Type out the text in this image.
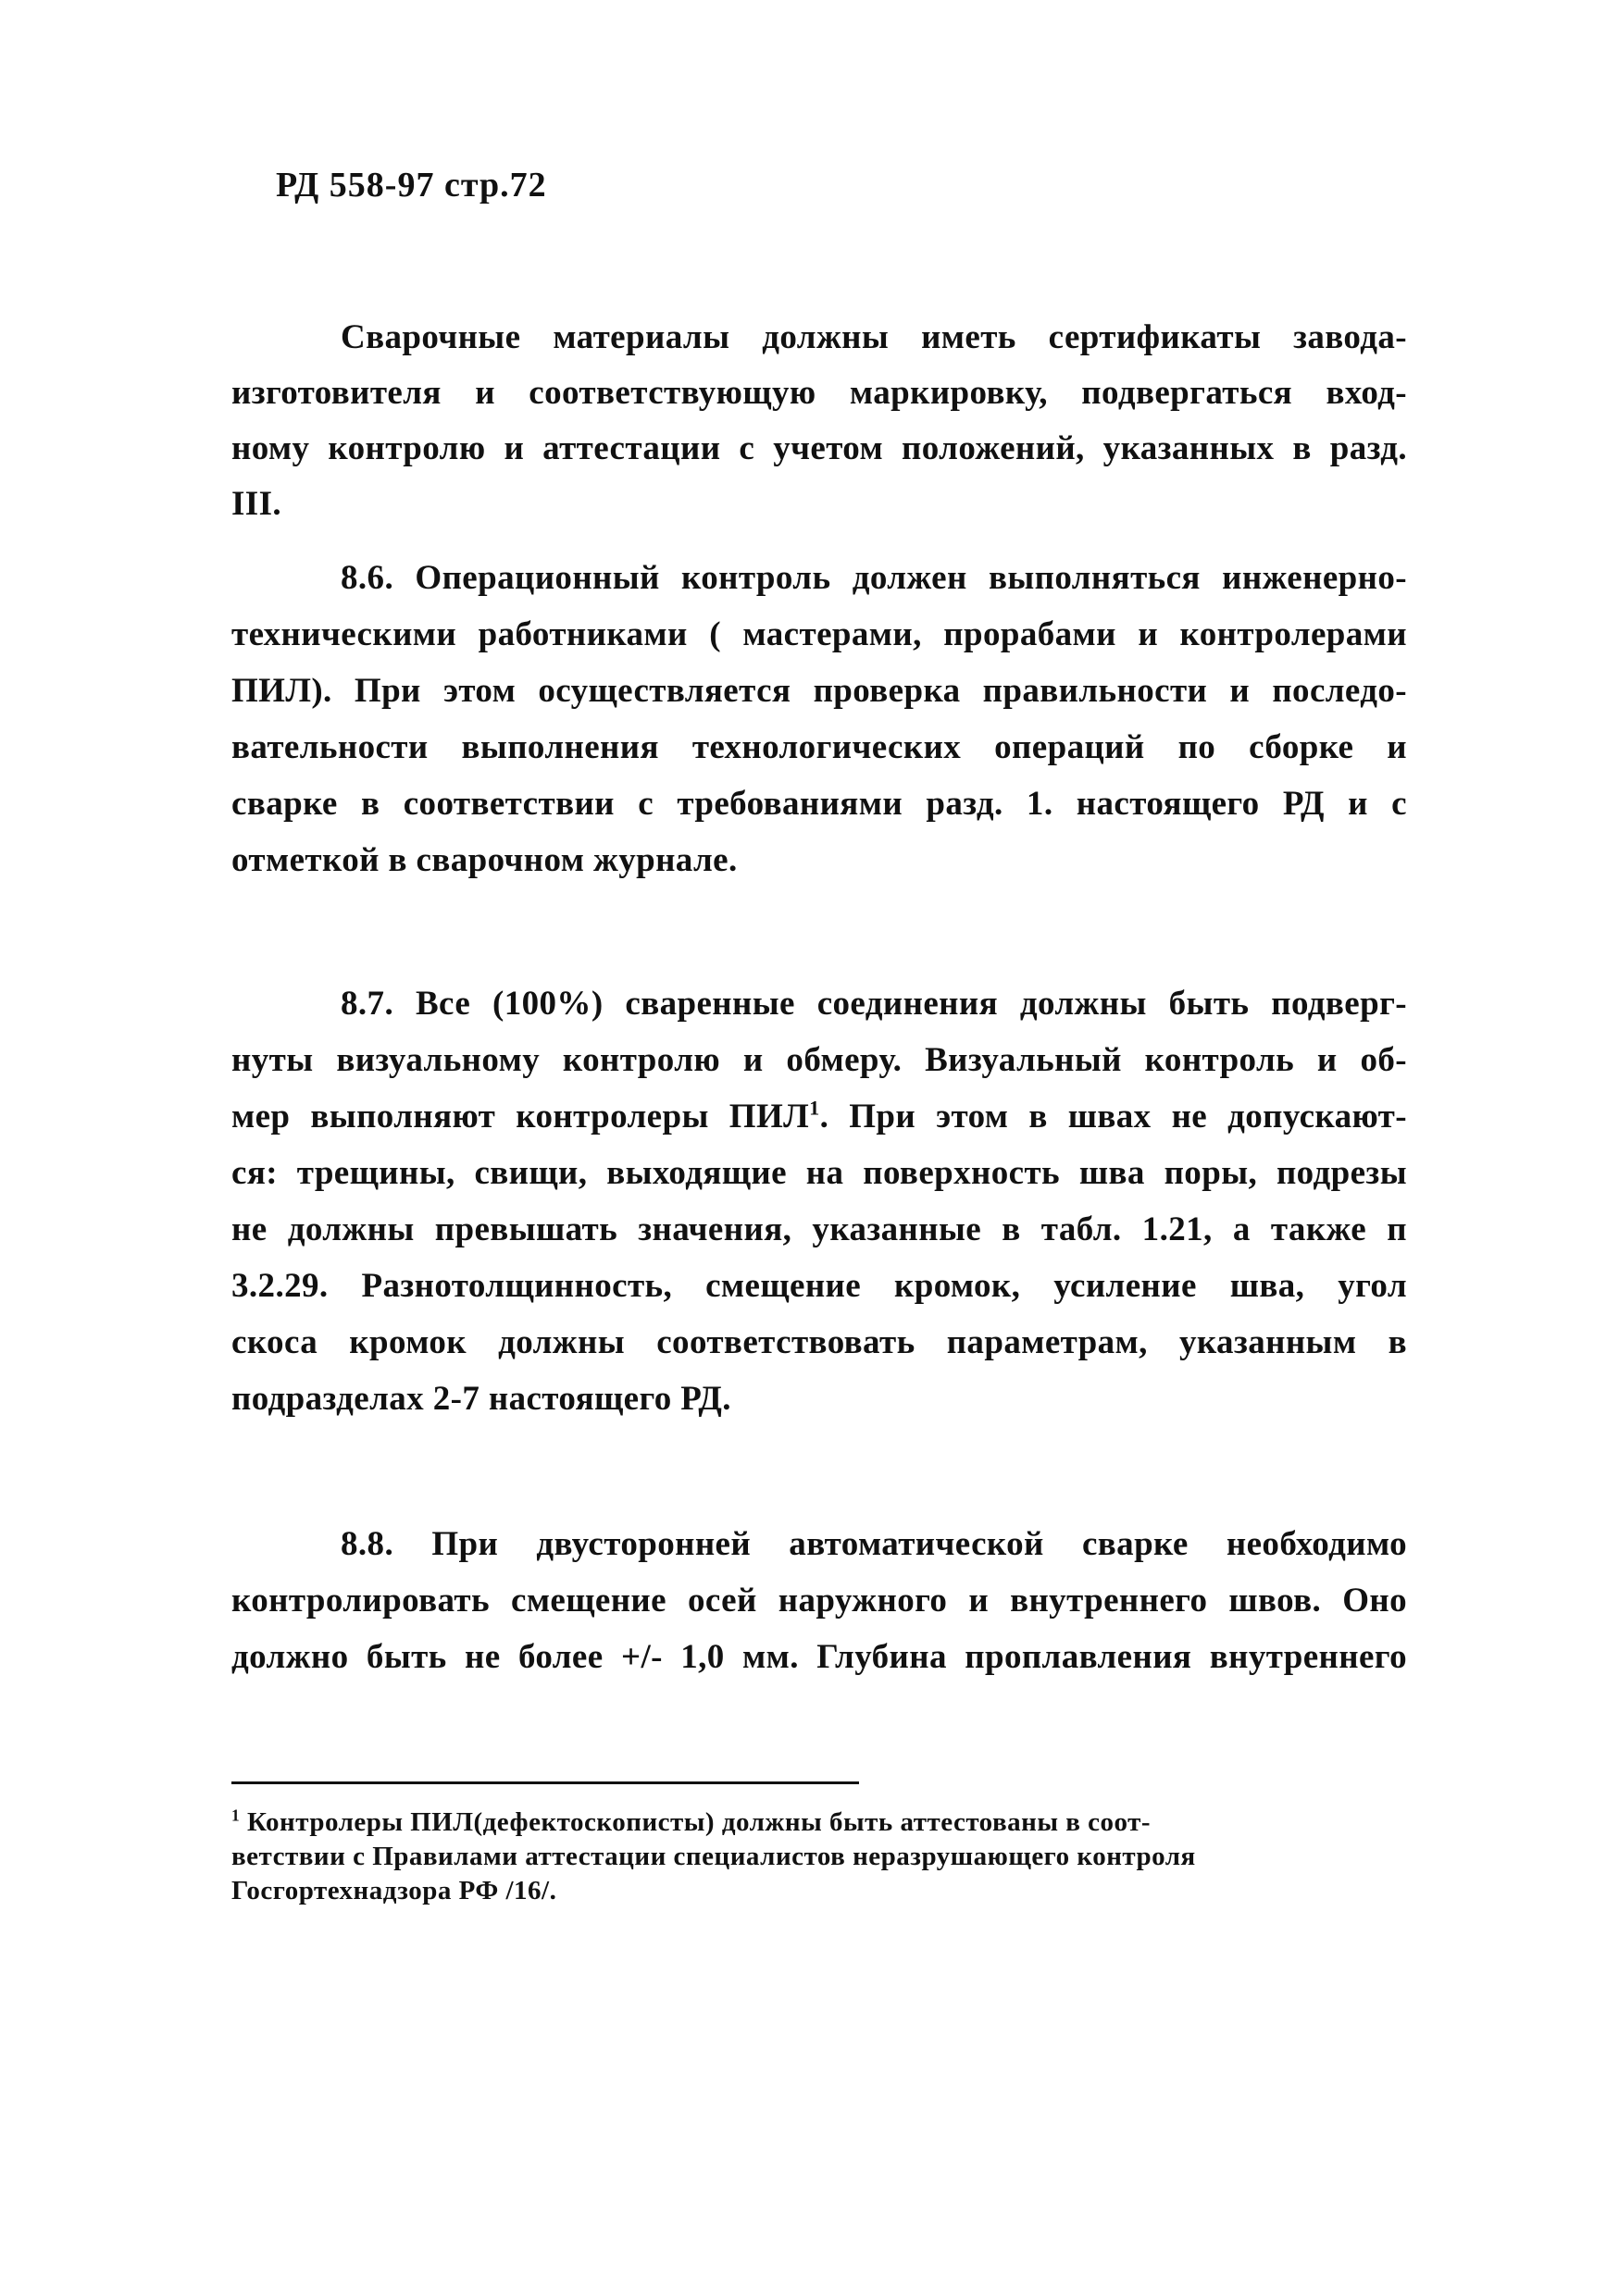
РД 558-97 стр.72
Сварочные материалы должны иметь сертификаты завода-
изготовителя и соответствующую маркировку, подвергаться вход-
ному контролю и аттестации с учетом положений, указанных в разд.
III.
8.6. Операционный контроль должен выполняться инженерно-
техническими работниками ( мастерами, прорабами и контролерами
ПИЛ). При этом осуществляется проверка правильности и последо-
вательности выполнения технологических операций по сборке и
сварке в соответствии с требованиями разд. 1. настоящего РД и с
отметкой в сварочном журнале.
8.7. Все (100%) сваренные соединения должны быть подверг-
нуты визуальному контролю и обмеру. Визуальный контроль и об-
мер выполняют контролеры ПИЛ$^1$. При этом в швах не допускают-
ся: трещины, свищи, выходящие на поверхность шва поры, подрезы
не должны превышать значения, указанные в табл. 1.21, а также п
3.2.29. Разнотолщинность, смещение кромок, усиление шва, угол
скоса кромок должны соответствовать параметрам, указанным в
подразделах 2-7 настоящего РД.
8.8. При двусторонней автоматической сварке необходимо
контролировать смещение осей наружного и внутреннего швов. Оно
должно быть не более +/- 1,0 мм. Глубина проплавления внутреннего
$^1$ Контролеры ПИЛ(дефектоскописты) должны быть аттестованы в соот-
ветствии с Правилами аттестации специалистов неразрушающего контроля
Госгортехнадзора РФ /16/.
